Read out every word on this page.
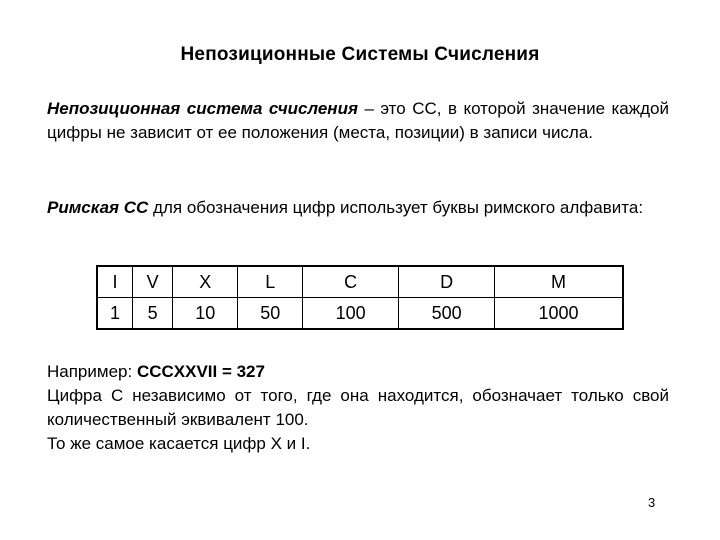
Непозиционные Системы Счисления
Непозиционная система счисления – это СС, в которой значение каждой цифры не зависит от ее положения (места, позиции) в записи числа.
Римская СС для обозначения цифр использует буквы римского алфавита:
I	V	X	L	C	D	M
1	5	10	50	100	500	1000
Например: CCCXXVII = 327
Цифра С независимо от того, где она находится, обозначает только свой количественный эквивалент 100.
То же самое касается цифр X и I.
3
